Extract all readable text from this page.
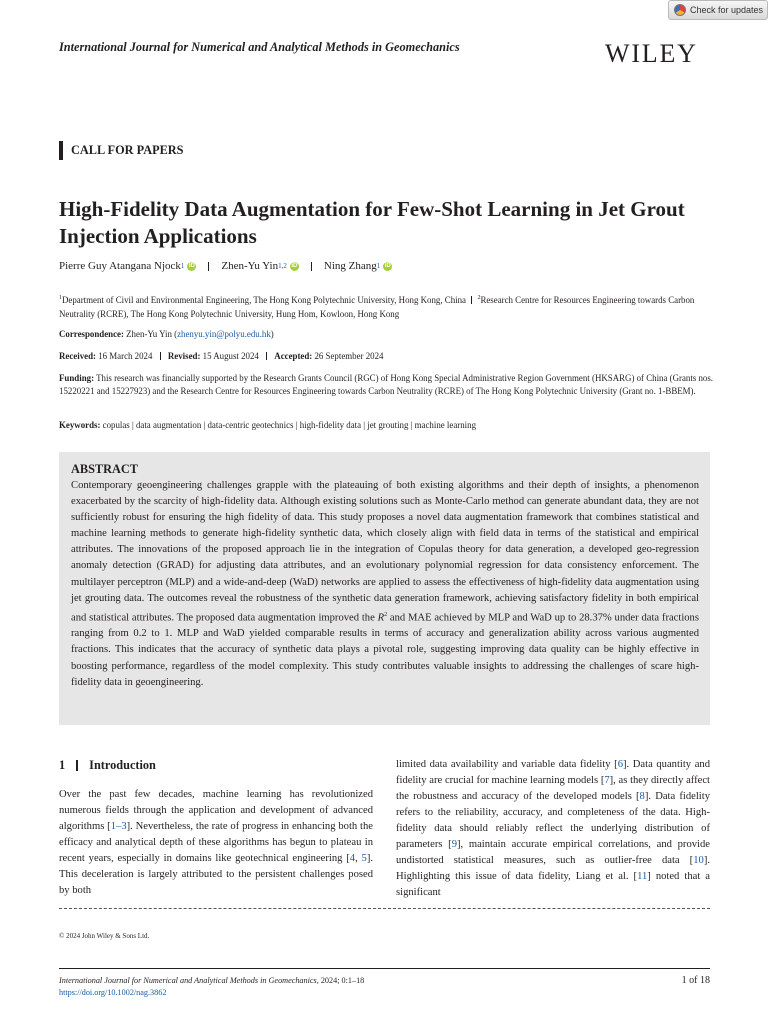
Check for updates
International Journal for Numerical and Analytical Methods in Geomechanics	WILEY
CALL FOR PAPERS
High-Fidelity Data Augmentation for Few-Shot Learning in Jet Grout Injection Applications
Pierre Guy Atangana Njock 1 iD Zhen-Yu Yin 1,2 iD Ning Zhang 1 iD
$^1$Department of Civil and Environmental Engineering, The Hong Kong Polytechnic University, Hong Kong, China $^2$Research Centre for Resources Engineering towards Carbon Neutrality (RCRE), The Hong Kong Polytechnic University, Hung Hom, Kowloon, Hong Kong
Correspondence: Zhen-Yu Yin (zhenyu.yin@polyu.edu.hk)
Received: 16 March 2024 Revised: 15 August 2024 Accepted: 26 September 2024
Funding: This research was financially supported by the Research Grants Council (RGC) of Hong Kong Special Administrative Region Government (HKSARG) of China (Grants nos. 15220221 and 15227923) and the Research Centre for Resources Engineering towards Carbon Neutrality (RCRE) of The Hong Kong Polytechnic University (Grant no. 1-BBEM).
Keywords: copulas | data augmentation | data-centric geotechnics | high-fidelity data | jet grouting | machine learning
ABSTRACT
Contemporary geoengineering challenges grapple with the plateauing of both existing algorithms and their depth of insights, a phenomenon exacerbated by the scarcity of high-fidelity data. Although existing solutions such as Monte-Carlo method can generate abundant data, they are not sufficiently robust for ensuring the high fidelity of data. This study proposes a novel data augmentation framework that combines statistical and machine learning methods to generate high-fidelity synthetic data, which closely align with field data in terms of the statistical and empirical attributes. The innovations of the proposed approach lie in the integration of Copulas theory for data generation, a developed geo-regression anomaly detection (GRAD) for adjusting data attributes, and an evolutionary polynomial regression for data consistency enforcement. The multilayer perceptron (MLP) and a wide-and-deep (WaD) networks are applied to assess the effectiveness of high-fidelity data augmentation using jet grouting data. The outcomes reveal the robustness of the synthetic data generation framework, achieving satisfactory fidelity in both empirical and statistical attributes. The proposed data augmentation improved the $R^2$ and MAE achieved by MLP and WaD up to 28.37% under data fractions ranging from 0.2 to 1. MLP and WaD yielded comparable results in terms of accuracy and generalization ability across various augmented fractions. This indicates that the accuracy of synthetic data plays a pivotal role, suggesting improving data quality can be highly effective in boosting performance, regardless of the model complexity. This study contributes valuable insights to addressing the challenges of scare high-fidelity data in geoengineering.
1 Introduction

Over the past few decades, machine learning has revolutionized numerous fields through the application and development of advanced algorithms [1–3]. Nevertheless, the rate of progress in enhancing both the efficacy and analytical depth of these algorithms has begun to plateau in recent years, especially in domains like geotechnical engineering [4, 5]. This deceleration is largely attributed to the persistent challenges posed by both

limited data availability and variable data fidelity [6]. Data quantity and fidelity are crucial for machine learning models [7], as they directly affect the robustness and accuracy of the developed models [8]. Data fidelity refers to the reliability, accuracy, and completeness of the data. High-fidelity data should reliably reflect the underlying distribution of parameters [9], maintain accurate empirical correlations, and provide undistorted statistical measures, such as outlier-free data [10]. Highlighting this issue of data fidelity, Liang et al. [11] noted that a significant

© 2024 John Wiley & Sons Ltd.
International Journal for Numerical and Analytical Methods in Geomechanics, 2024; 0:1–18
https://doi.org/10.1002/nag.3862
1 of 18
